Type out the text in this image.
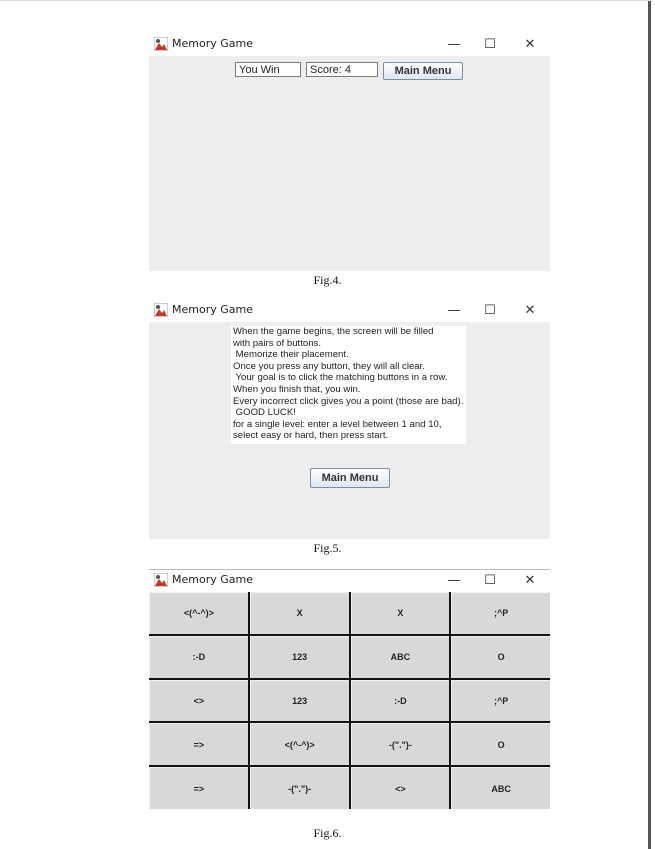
Memory Game	—	☐	✕
You Win	Score: 4	Main Menu
Fig.4.
Memory Game	—	☐	✕
When the game begins, the screen will be filled
with pairs of buttons.
Memorize their placement.
Once you press any button, they will all clear.
Your goal is to click the matching buttons in a row.
When you finish that, you win.
Every incorrect click gives you a point (those are bad).
GOOD LUCK!
for a single level: enter a level between 1 and 10,
select easy or hard, then press start.
Main Menu
Fig.5.
Memory Game	—	☐	✕
<(^-^)>	X	X	;^P
:-D	123	ABC	O
<>	123	:-D	;^P
=>	<(^-^)>	-(".")-	O
=>	-(".")-	<>	ABC
Fig.6.
